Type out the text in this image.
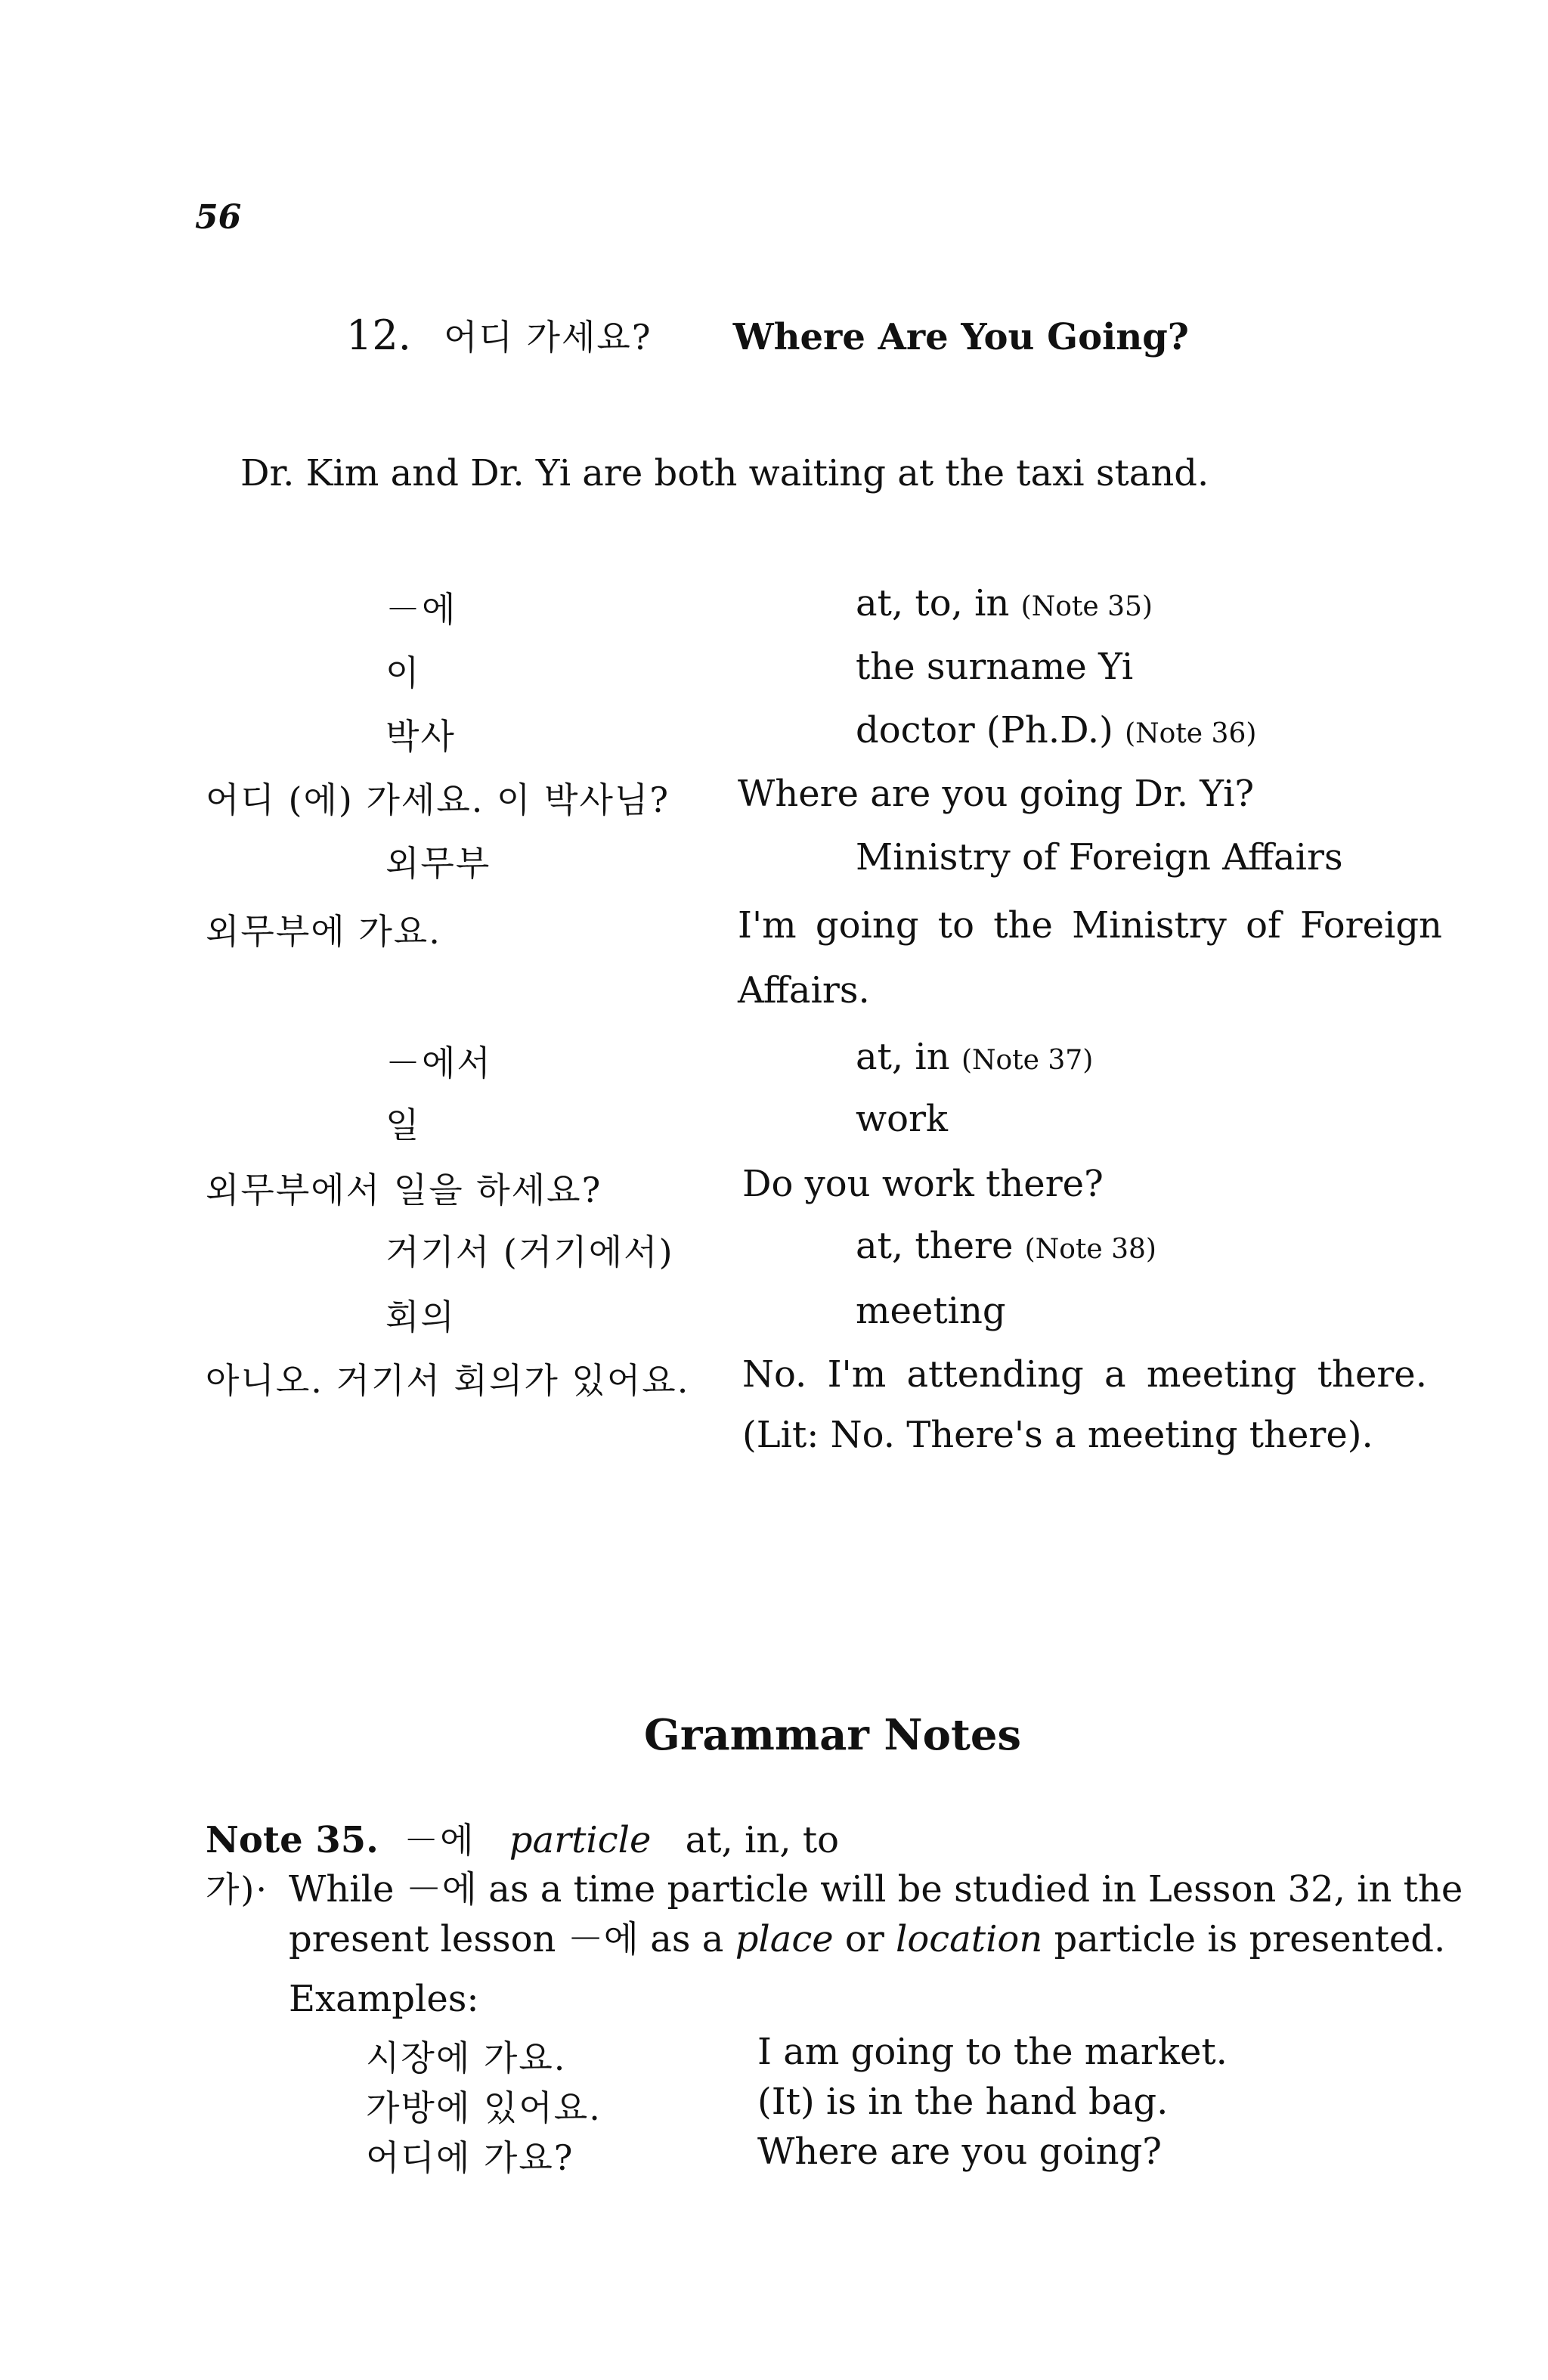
56
12. 어디 가세요? Where Are You Going?
Dr. Kim and Dr. Yi are both waiting at the taxi stand.
－에	at, to, in (Note 35)
이	the surname Yi
박사	doctor (Ph.D.) (Note 36)
어디 (에) 가세요. 이 박사님? Where are you going Dr. Yi?
외무부	Ministry of Foreign Affairs
외무부에 가요.	I'm going to the Ministry of Foreign
Affairs.
－에서	at, in (Note 37)
일	work
외무부에서 일을 하세요?	Do you work there?
거기서 (거기에서)	at, there (Note 38)
회의	meeting
아니오. 거기서 회의가 있어요. No. I'm attending a meeting there.
(Lit: No. There's a meeting there).
Grammar Notes
Note 35. －에 particle at, in, to
가)· While －에 as a time particle will be studied in Lesson 32, in the
present lesson －에 as a place or location particle is presented.
Examples:
시장에 가요.	I am going to the market.
가방에 있어요.	(It) is in the hand bag.
어디에 가요?	Where are you going?
